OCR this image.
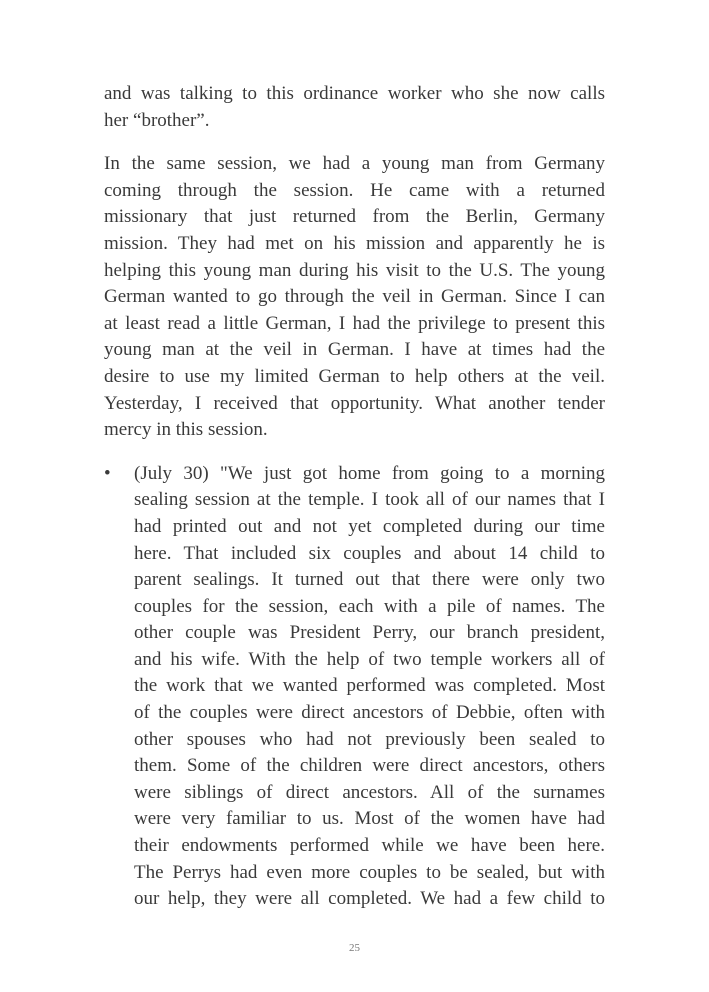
and was talking to this ordinance worker who she now calls
her “brother”.

In the same session, we had a young man from Germany
coming through the session. He came with a returned
missionary that just returned from the Berlin, Germany
mission. They had met on his mission and apparently he is
helping this young man during his visit to the U.S. The young
German wanted to go through the veil in German. Since I can
at least read a little German, I had the privilege to present this
young man at the veil in German. I have at times had the
desire to use my limited German to help others at the veil.
Yesterday, I received that opportunity. What another tender
mercy in this session.

• (July 30) "We just got home from going to a morning
sealing session at the temple. I took all of our names that I
had printed out and not yet completed during our time
here. That included six couples and about 14 child to
parent sealings. It turned out that there were only two
couples for the session, each with a pile of names. The
other couple was President Perry, our branch president,
and his wife. With the help of two temple workers all of
the work that we wanted performed was completed. Most
of the couples were direct ancestors of Debbie, often with
other spouses who had not previously been sealed to
them. Some of the children were direct ancestors, others
were siblings of direct ancestors. All of the surnames
were very familiar to us. Most of the women have had
their endowments performed while we have been here.
The Perrys had even more couples to be sealed, but with
our help, they were all completed. We had a few child to
25
